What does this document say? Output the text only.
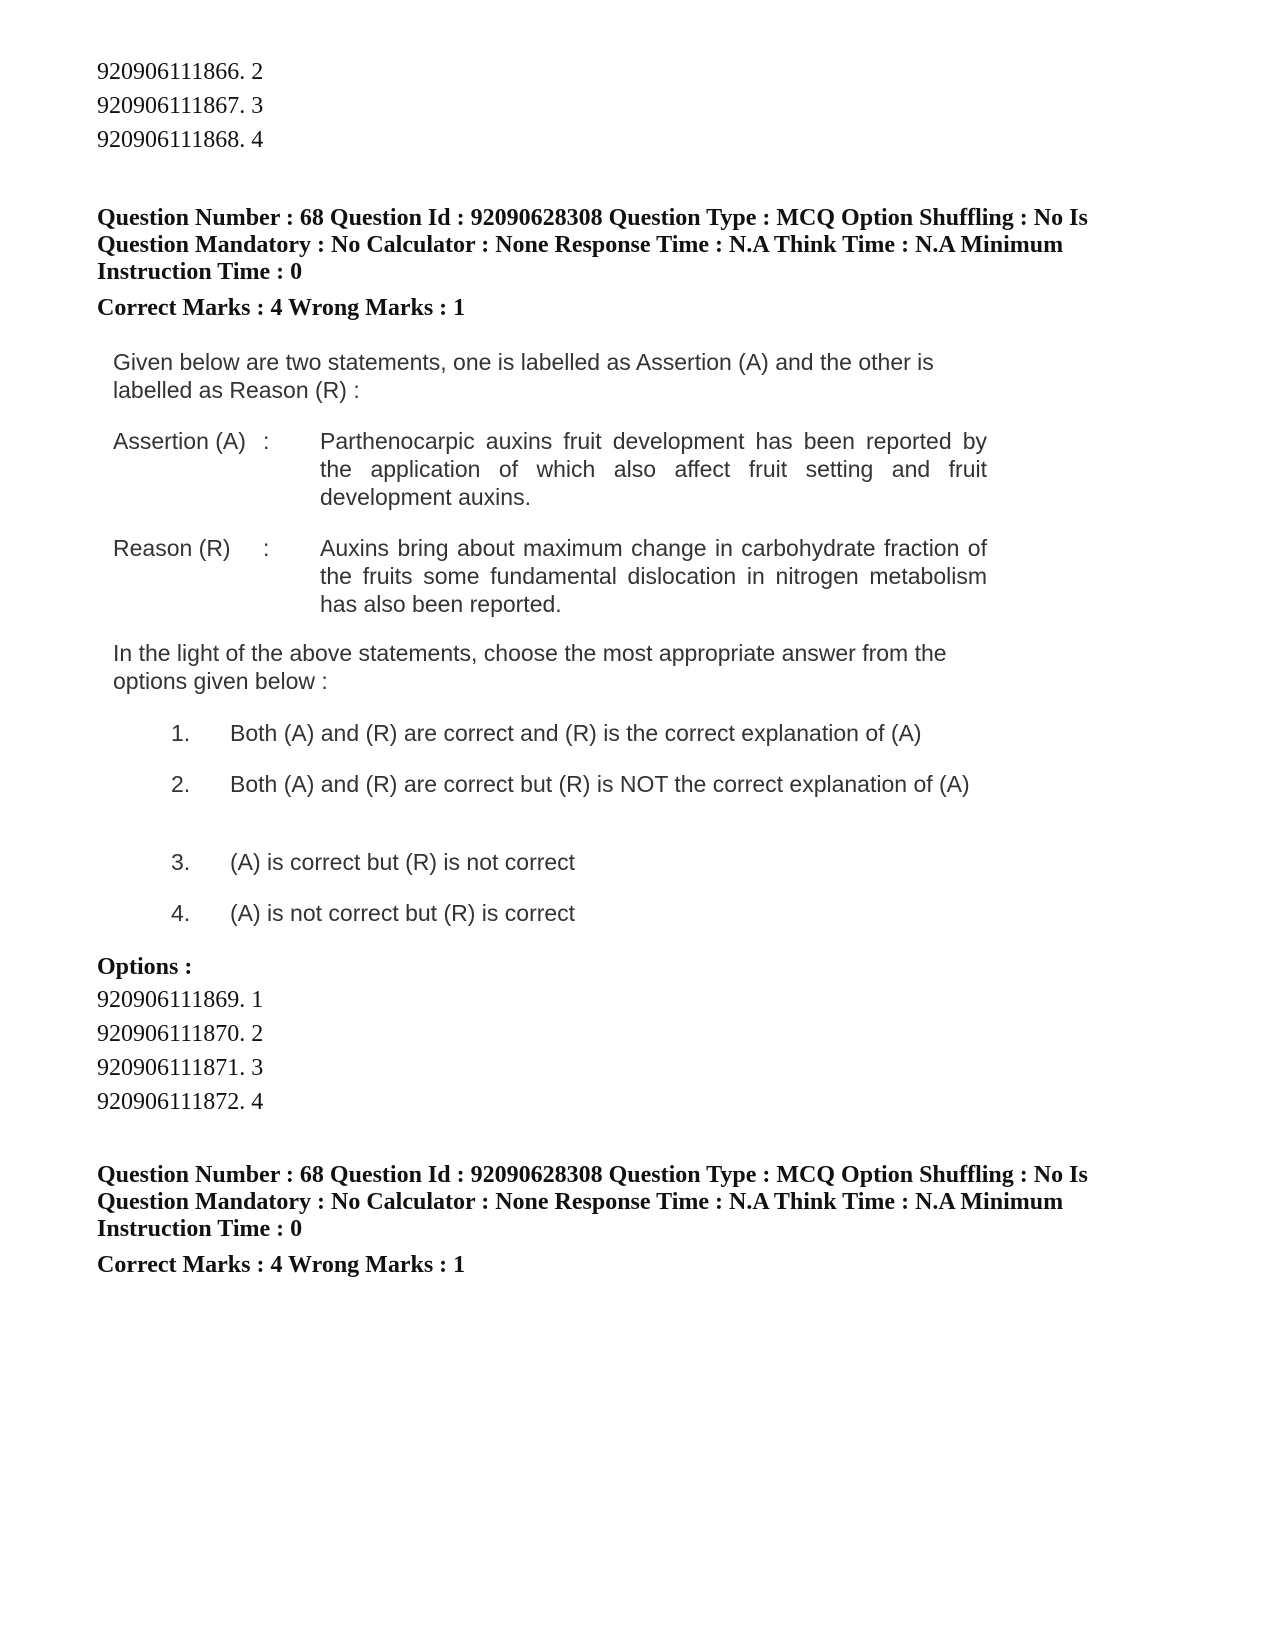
920906111866. 2
920906111867. 3
920906111868. 4
Question Number : 68 Question Id : 92090628308 Question Type : MCQ Option Shuffling : No Is
Question Mandatory : No Calculator : None Response Time : N.A Think Time : N.A Minimum
Instruction Time : 0
Correct Marks : 4 Wrong Marks : 1
Given below are two statements, one is labelled as Assertion (A) and the other is labelled as Reason (R) :
Assertion (A) : Parthenocarpic auxins fruit development has been reported by the application of which also affect fruit setting and fruit development auxins.
Reason (R) : Auxins bring about maximum change in carbohydrate fraction of the fruits some fundamental dislocation in nitrogen metabolism has also been reported.
In the light of the above statements, choose the most appropriate answer from the options given below :
1. Both (A) and (R) are correct and (R) is the correct explanation of (A)
2. Both (A) and (R) are correct but (R) is NOT the correct explanation of (A)
3. (A) is correct but (R) is not correct
4. (A) is not correct but (R) is correct
Options :
920906111869. 1
920906111870. 2
920906111871. 3
920906111872. 4
Question Number : 68 Question Id : 92090628308 Question Type : MCQ Option Shuffling : No Is
Question Mandatory : No Calculator : None Response Time : N.A Think Time : N.A Minimum
Instruction Time : 0
Correct Marks : 4 Wrong Marks : 1
